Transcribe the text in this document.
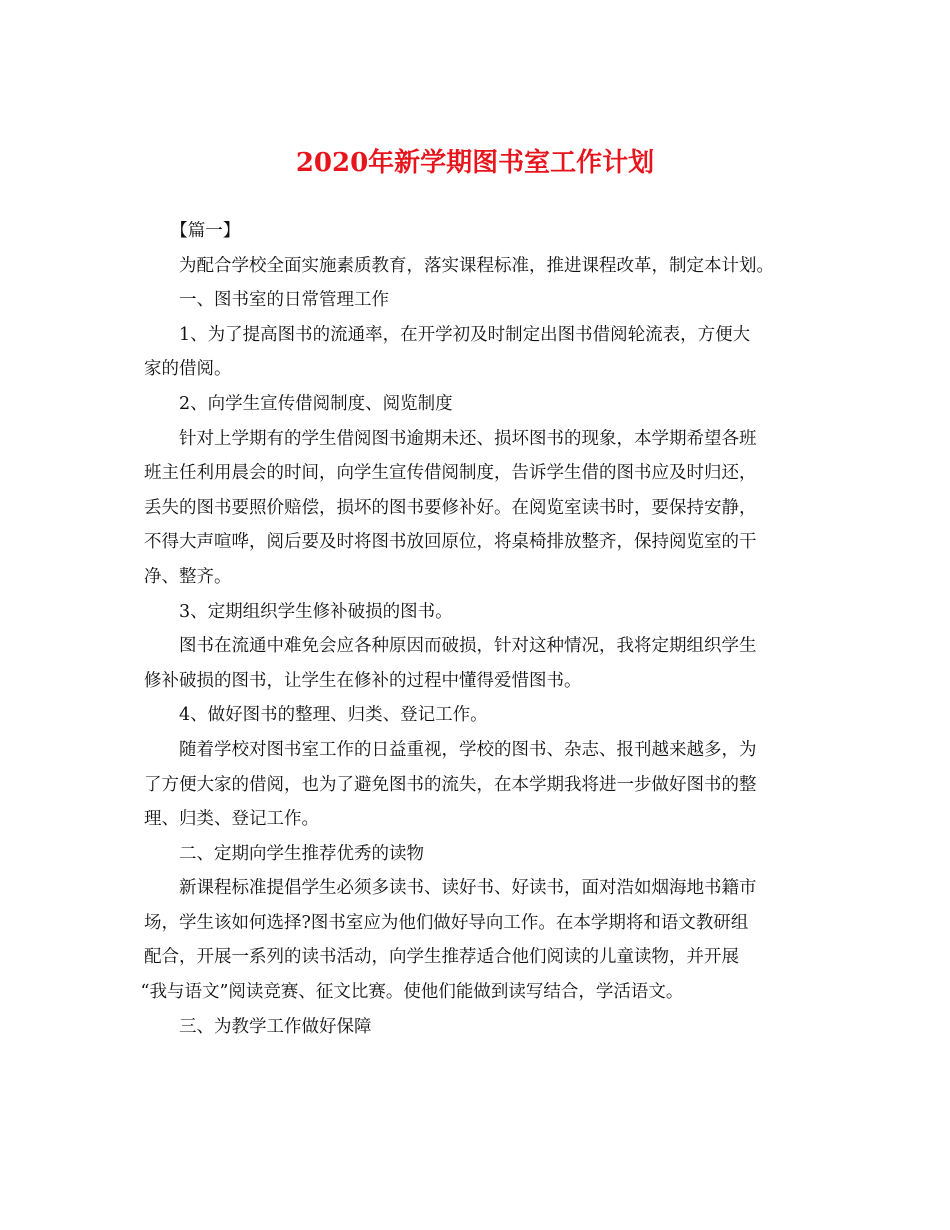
2020年新学期图书室工作计划

【篇一】

为配合学校全面实施素质教育，落实课程标准，推进课程改革，制定本计划。

一、图书室的日常管理工作

1、为了提高图书的流通率，在开学初及时制定出图书借阅轮流表，方便大
家的借阅。

2、向学生宣传借阅制度、阅览制度

针对上学期有的学生借阅图书逾期未还、损坏图书的现象，本学期希望各班
班主任利用晨会的时间，向学生宣传借阅制度，告诉学生借的图书应及时归还，
丢失的图书要照价赔偿，损坏的图书要修补好。在阅览室读书时，要保持安静，
不得大声喧哗，阅后要及时将图书放回原位，将桌椅排放整齐，保持阅览室的干
净、整齐。

3、定期组织学生修补破损的图书。

图书在流通中难免会应各种原因而破损，针对这种情况，我将定期组织学生
修补破损的图书，让学生在修补的过程中懂得爱惜图书。

4、做好图书的整理、归类、登记工作。

随着学校对图书室工作的日益重视，学校的图书、杂志、报刊越来越多，为
了方便大家的借阅，也为了避免图书的流失，在本学期我将进一步做好图书的整
理、归类、登记工作。

二、定期向学生推荐优秀的读物

新课程标准提倡学生必须多读书、读好书、好读书，面对浩如烟海地书籍市
场，学生该如何选择?图书室应为他们做好导向工作。在本学期将和语文教研组
配合，开展一系列的读书活动，向学生推荐适合他们阅读的儿童读物，并开展
“我与语文”阅读竞赛、征文比赛。使他们能做到读写结合，学活语文。

三、为教学工作做好保障
